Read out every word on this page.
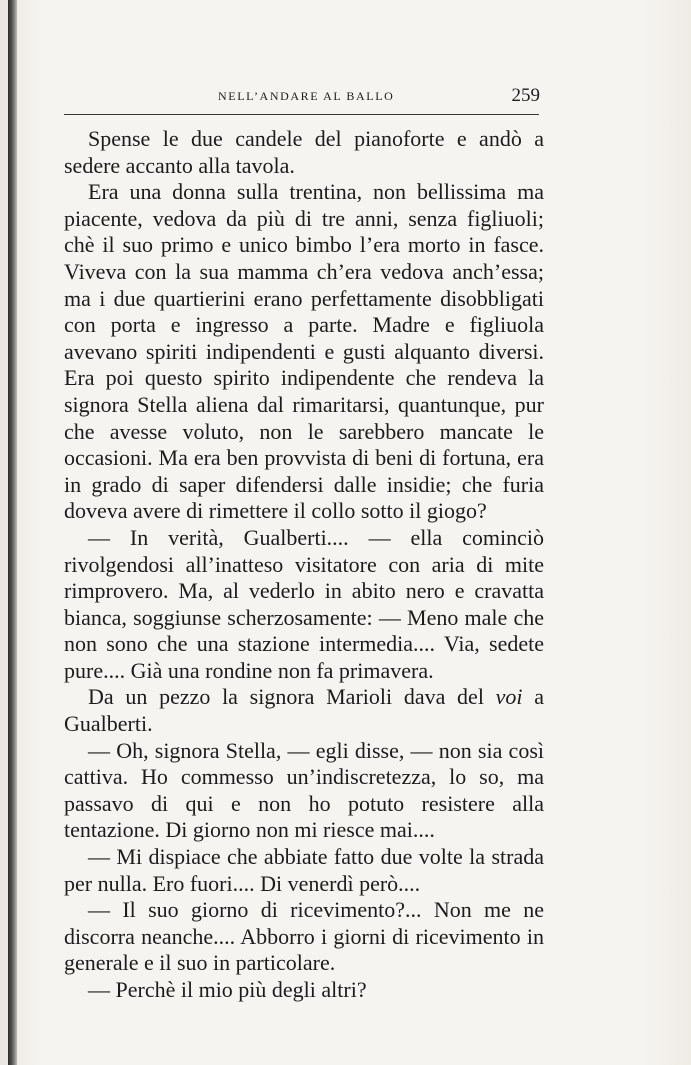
NELL’ANDARE AL BALLO	259

Spense le due candele del pianoforte e andò a sedere accanto alla tavola.

Era una donna sulla trentina, non bellissima ma piacente, vedova da più di tre anni, senza figliuoli; chè il suo primo e unico bimbo l’era morto in fasce. Viveva con la sua mamma ch’era vedova anch’essa; ma i due quartierini erano perfettamente disobbligati con porta e ingresso a parte. Madre e figliuola avevano spiriti indipendenti e gusti alquanto diversi. Era poi questo spirito indipendente che rendeva la signora Stella aliena dal rimaritarsi, quantunque, pur che avesse voluto, non le sarebbero mancate le occasioni. Ma era ben provvista di beni di fortuna, era in grado di saper difendersi dalle insidie; che furia doveva avere di rimettere il collo sotto il giogo?

— In verità, Gualberti.... — ella cominciò rivolgendosi all’inatteso visitatore con aria di mite rimprovero. Ma, al vederlo in abito nero e cravatta bianca, soggiunse scherzosamente: — Meno male che non sono che una stazione intermedia.... Via, sedete pure.... Già una rondine non fa primavera.

Da un pezzo la signora Marioli dava del voi a Gualberti.

— Oh, signora Stella, — egli disse, — non sia così cattiva. Ho commesso un’indiscretezza, lo so, ma passavo di qui e non ho potuto resistere alla tentazione. Di giorno non mi riesce mai....

— Mi dispiace che abbiate fatto due volte la strada per nulla. Ero fuori.... Di venerdì però....

— Il suo giorno di ricevimento?... Non me ne discorra neanche.... Abborro i giorni di ricevimento in generale e il suo in particolare.

— Perchè il mio più degli altri?
